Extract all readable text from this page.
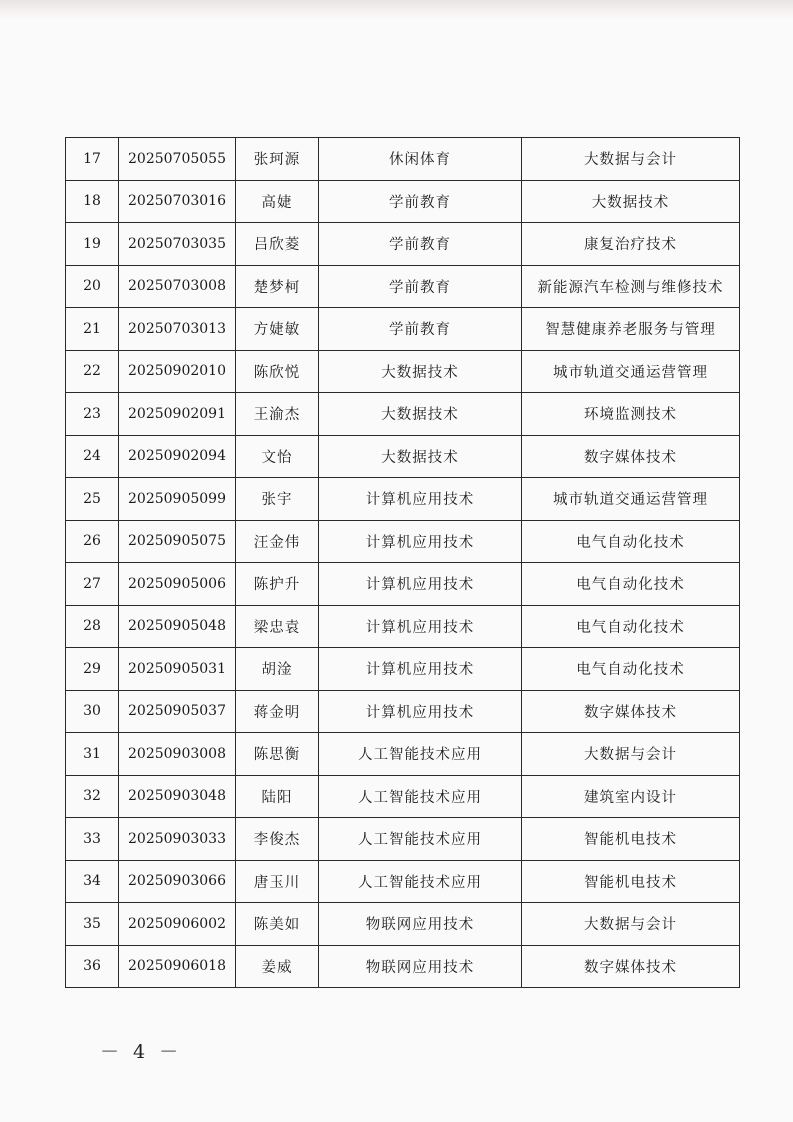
17	20250705055	张珂源	休闲体育	大数据与会计
18	20250703016	高婕	学前教育	大数据技术
19	20250703035	吕欣菱	学前教育	康复治疗技术
20	20250703008	楚梦柯	学前教育	新能源汽车检测与维修技术
21	20250703013	方婕敏	学前教育	智慧健康养老服务与管理
22	20250902010	陈欣悦	大数据技术	城市轨道交通运营管理
23	20250902091	王渝杰	大数据技术	环境监测技术
24	20250902094	文怡	大数据技术	数字媒体技术
25	20250905099	张宇	计算机应用技术	城市轨道交通运营管理
26	20250905075	汪金伟	计算机应用技术	电气自动化技术
27	20250905006	陈护升	计算机应用技术	电气自动化技术
28	20250905048	梁忠袁	计算机应用技术	电气自动化技术
29	20250905031	胡淦	计算机应用技术	电气自动化技术
30	20250905037	蒋金明	计算机应用技术	数字媒体技术
31	20250903008	陈思衡	人工智能技术应用	大数据与会计
32	20250903048	陆阳	人工智能技术应用	建筑室内设计
33	20250903033	李俊杰	人工智能技术应用	智能机电技术
34	20250903066	唐玉川	人工智能技术应用	智能机电技术
35	20250906002	陈美如	物联网应用技术	大数据与会计
36	20250906018	姜威	物联网应用技术	数字媒体技术
－ 4 －
